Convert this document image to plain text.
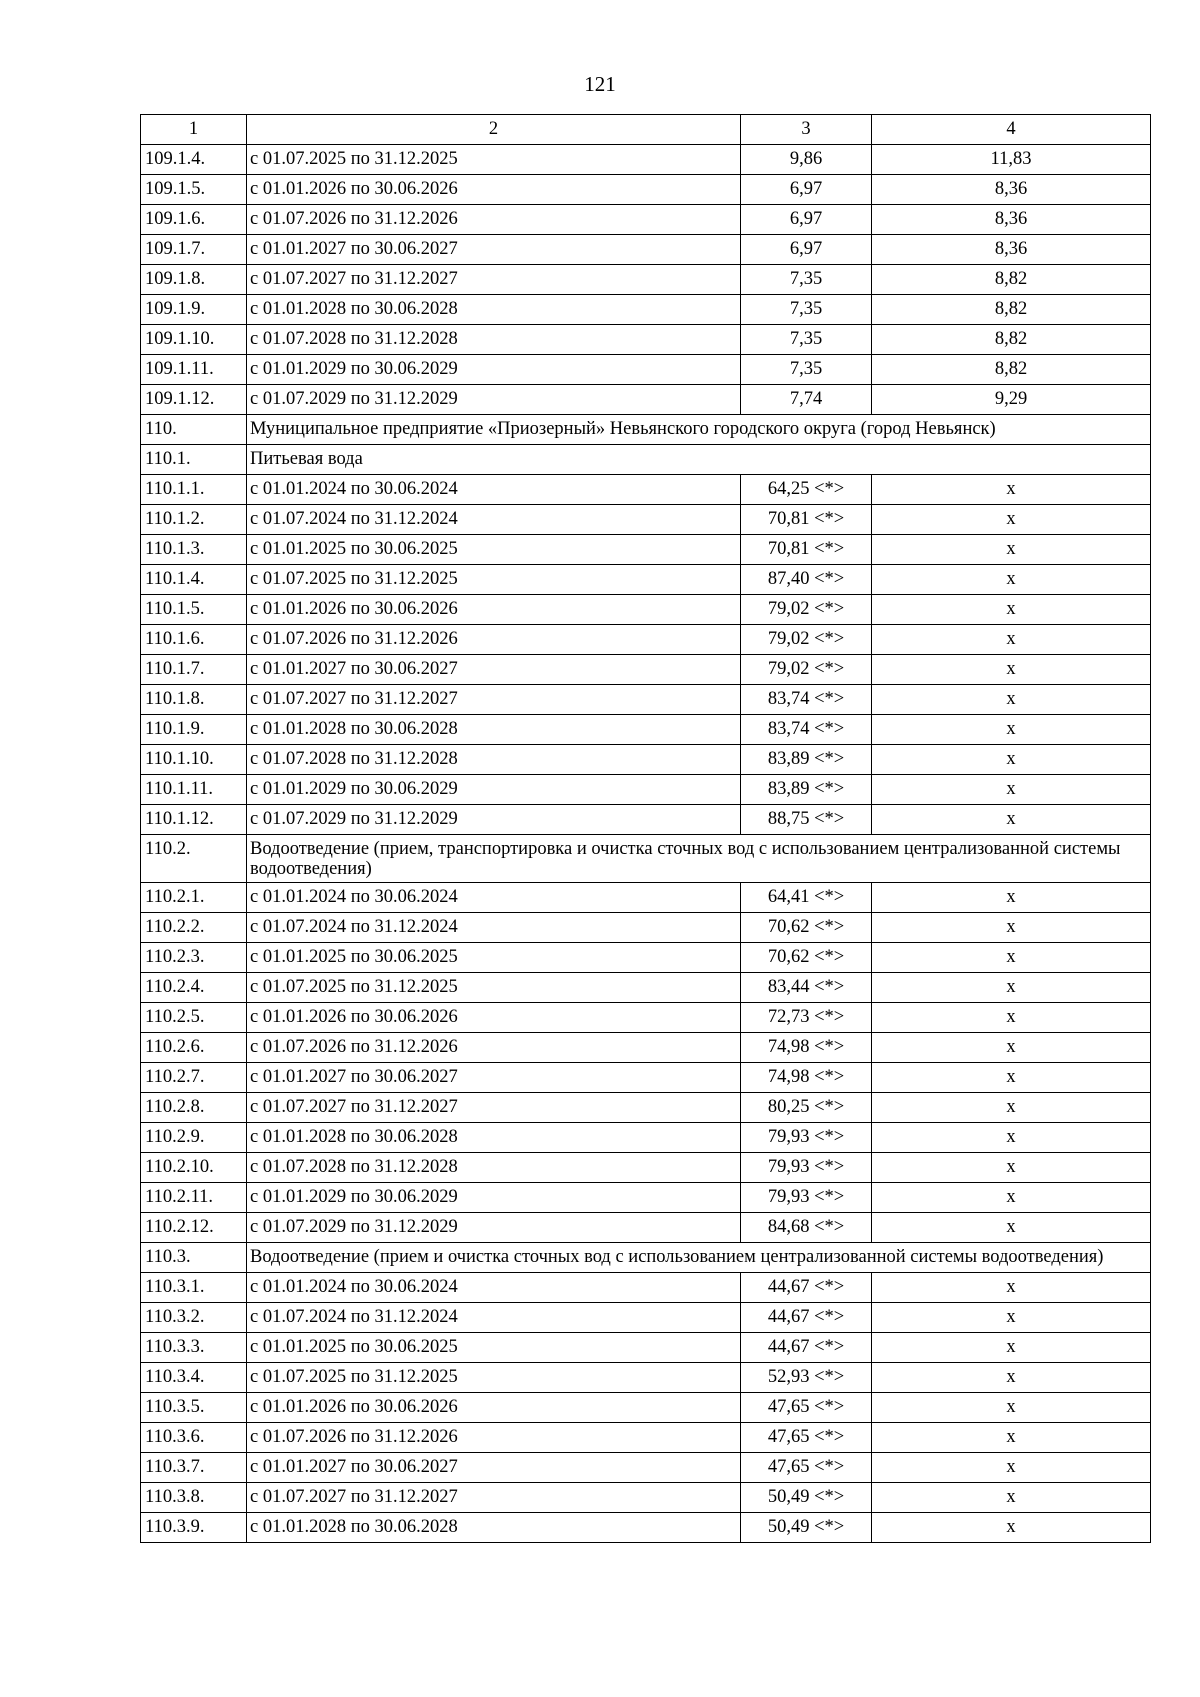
121
1	2	3	4
109.1.4.	с 01.07.2025 по 31.12.2025	9,86	11,83
109.1.5.	с 01.01.2026 по 30.06.2026	6,97	8,36
109.1.6.	с 01.07.2026 по 31.12.2026	6,97	8,36
109.1.7.	с 01.01.2027 по 30.06.2027	6,97	8,36
109.1.8.	с 01.07.2027 по 31.12.2027	7,35	8,82
109.1.9.	с 01.01.2028 по 30.06.2028	7,35	8,82
109.1.10.	с 01.07.2028 по 31.12.2028	7,35	8,82
109.1.11.	с 01.01.2029 по 30.06.2029	7,35	8,82
109.1.12.	с 01.07.2029 по 31.12.2029	7,74	9,29
110.	Муниципальное предприятие «Приозерный» Невьянского городского округа (город Невьянск)		
110.1.	Питьевая вода		
110.1.1.	с 01.01.2024 по 30.06.2024	64,25 <*>	x
110.1.2.	с 01.07.2024 по 31.12.2024	70,81 <*>	x
110.1.3.	с 01.01.2025 по 30.06.2025	70,81 <*>	x
110.1.4.	с 01.07.2025 по 31.12.2025	87,40 <*>	x
110.1.5.	с 01.01.2026 по 30.06.2026	79,02 <*>	x
110.1.6.	с 01.07.2026 по 31.12.2026	79,02 <*>	x
110.1.7.	с 01.01.2027 по 30.06.2027	79,02 <*>	x
110.1.8.	с 01.07.2027 по 31.12.2027	83,74 <*>	x
110.1.9.	с 01.01.2028 по 30.06.2028	83,74 <*>	x
110.1.10.	с 01.07.2028 по 31.12.2028	83,89 <*>	x
110.1.11.	с 01.01.2029 по 30.06.2029	83,89 <*>	x
110.1.12.	с 01.07.2029 по 31.12.2029	88,75 <*>	x
110.2.	Водоотведение (прием, транспортировка и очистка сточных вод с использованием централизованной системы водоотведения)		
110.2.1.	с 01.01.2024 по 30.06.2024	64,41 <*>	x
110.2.2.	с 01.07.2024 по 31.12.2024	70,62 <*>	x
110.2.3.	с 01.01.2025 по 30.06.2025	70,62 <*>	x
110.2.4.	с 01.07.2025 по 31.12.2025	83,44 <*>	x
110.2.5.	с 01.01.2026 по 30.06.2026	72,73 <*>	x
110.2.6.	с 01.07.2026 по 31.12.2026	74,98 <*>	x
110.2.7.	с 01.01.2027 по 30.06.2027	74,98 <*>	x
110.2.8.	с 01.07.2027 по 31.12.2027	80,25 <*>	x
110.2.9.	с 01.01.2028 по 30.06.2028	79,93 <*>	x
110.2.10.	с 01.07.2028 по 31.12.2028	79,93 <*>	x
110.2.11.	с 01.01.2029 по 30.06.2029	79,93 <*>	x
110.2.12.	с 01.07.2029 по 31.12.2029	84,68 <*>	x
110.3.	Водоотведение (прием и очистка сточных вод с использованием централизованной системы водоотведения)		
110.3.1.	с 01.01.2024 по 30.06.2024	44,67 <*>	x
110.3.2.	с 01.07.2024 по 31.12.2024	44,67 <*>	x
110.3.3.	с 01.01.2025 по 30.06.2025	44,67 <*>	x
110.3.4.	с 01.07.2025 по 31.12.2025	52,93 <*>	x
110.3.5.	с 01.01.2026 по 30.06.2026	47,65 <*>	x
110.3.6.	с 01.07.2026 по 31.12.2026	47,65 <*>	x
110.3.7.	с 01.01.2027 по 30.06.2027	47,65 <*>	x
110.3.8.	с 01.07.2027 по 31.12.2027	50,49 <*>	x
110.3.9.	с 01.01.2028 по 30.06.2028	50,49 <*>	x
